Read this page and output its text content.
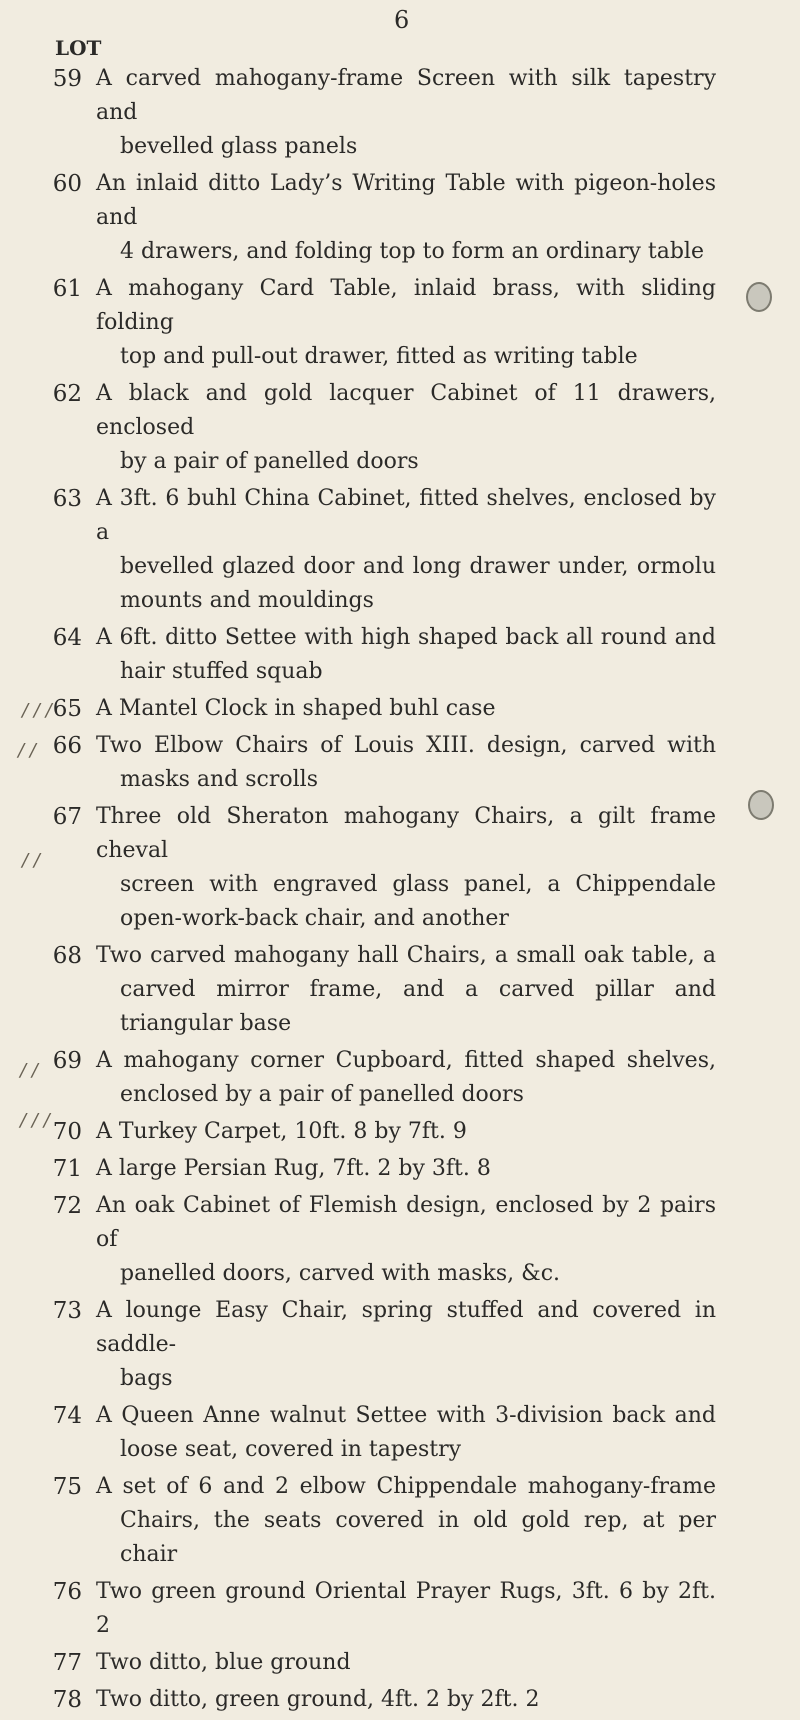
6
LOT
59 A carved mahogany-frame Screen with silk tapestry and
bevelled glass panels
60 An inlaid ditto Lady’s Writing Table with pigeon-holes and
4 drawers, and folding top to form an ordinary table
61 A mahogany Card Table, inlaid brass, with sliding folding
top and pull-out drawer, fitted as writing table
62 A black and gold lacquer Cabinet of 11 drawers, enclosed
by a pair of panelled doors
63 A 3ft. 6 buhl China Cabinet, fitted shelves, enclosed by a
bevelled glazed door and long drawer under, ormolu mounts and mouldings
64 A 6ft. ditto Settee with high shaped back all round and
hair stuffed squab
65 A Mantel Clock in shaped buhl case
66 Two Elbow Chairs of Louis XIII. design, carved with
masks and scrolls
67 Three old Sheraton mahogany Chairs, a gilt frame cheval
screen with engraved glass panel, a Chippendale open-work-back chair, and another
68 Two carved mahogany hall Chairs, a small oak table, a
carved mirror frame, and a carved pillar and triangular base
69 A mahogany corner Cupboard, fitted shaped shelves,
enclosed by a pair of panelled doors
70 A Turkey Carpet, 10ft. 8 by 7ft. 9
71 A large Persian Rug, 7ft. 2 by 3ft. 8
72 An oak Cabinet of Flemish design, enclosed by 2 pairs of
panelled doors, carved with masks, &c.
73 A lounge Easy Chair, spring stuffed and covered in saddle-
bags
74 A Queen Anne walnut Settee with 3-division back and
loose seat, covered in tapestry
75 A set of 6 and 2 elbow Chippendale mahogany-frame
Chairs, the seats covered in old gold rep, at per chair
76 Two green ground Oriental Prayer Rugs, 3ft. 6 by 2ft. 2
77 Two ditto, blue ground
78 Two ditto, green ground, 4ft. 2 by 2ft. 2
/ / /
/ /
/ /
/ /
/ / /
